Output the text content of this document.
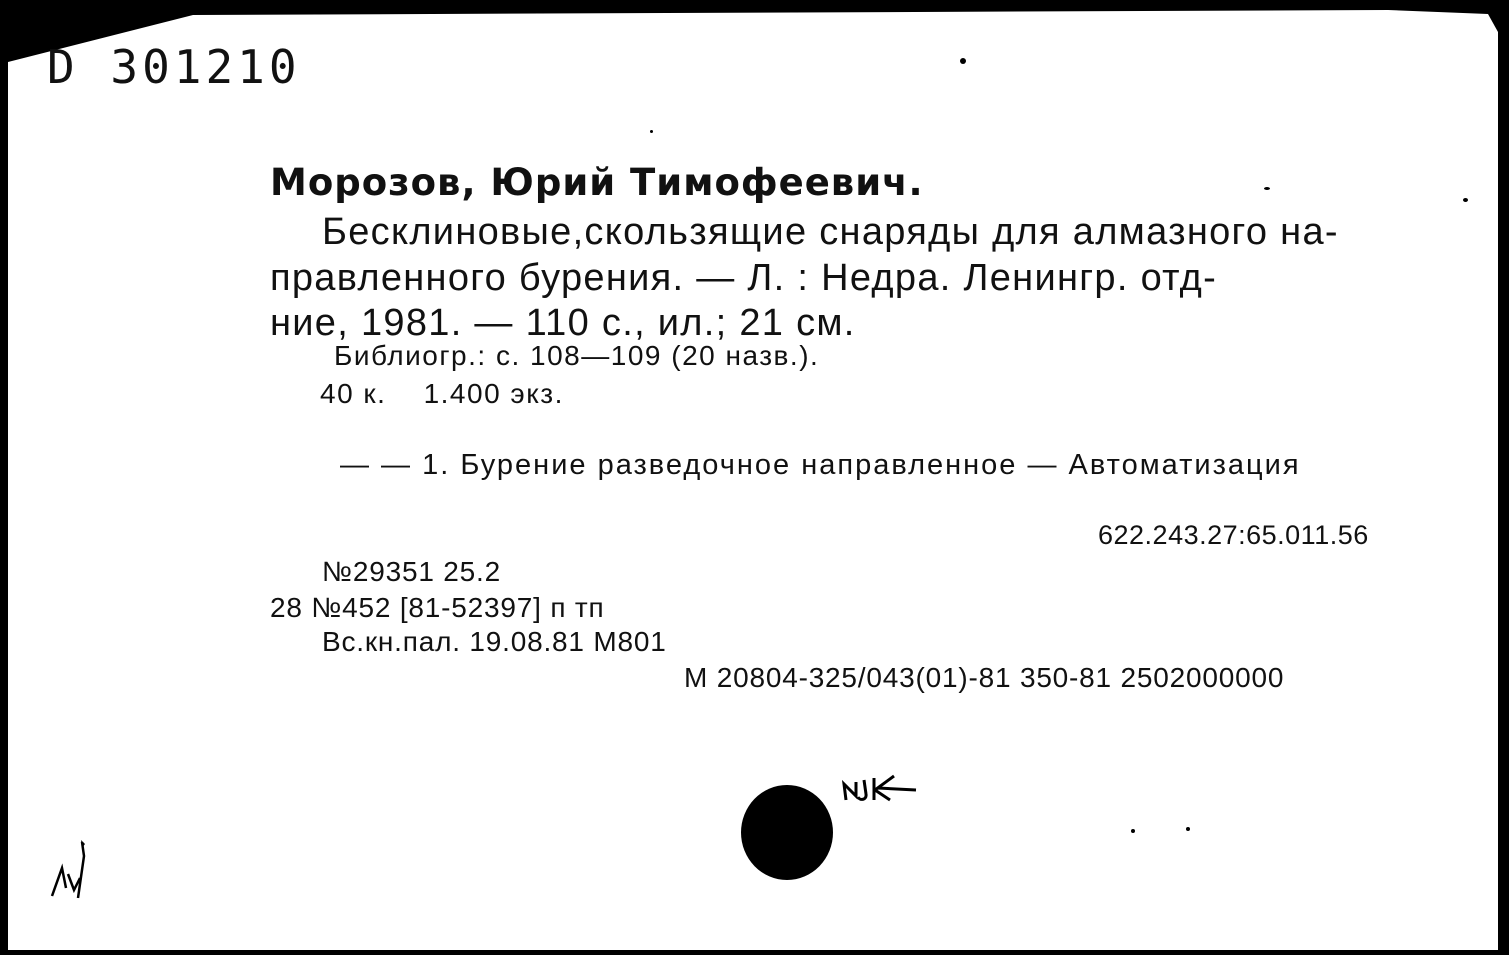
D 301210
Морозов, Юрий Тимофеевич.
Бесклиновые,скользящие снаряды для алмазного на-
правленного бурения. — Л. : Недра. Ленингр. отд-
ние, 1981. — 110 с., ил.; 21 см.
Библиогр.: с. 108—109 (20 назв.).
40 к.    1.400 экз.
— — 1. Бурение разведочное направленное — Автоматизация
622.243.27:65.011.56
№29351 25.2
28 №452 [81-52397] п тп
Вс.кн.пал. 19.08.81 М801
М 20804-325/043(01)-81 350-81 2502000000
